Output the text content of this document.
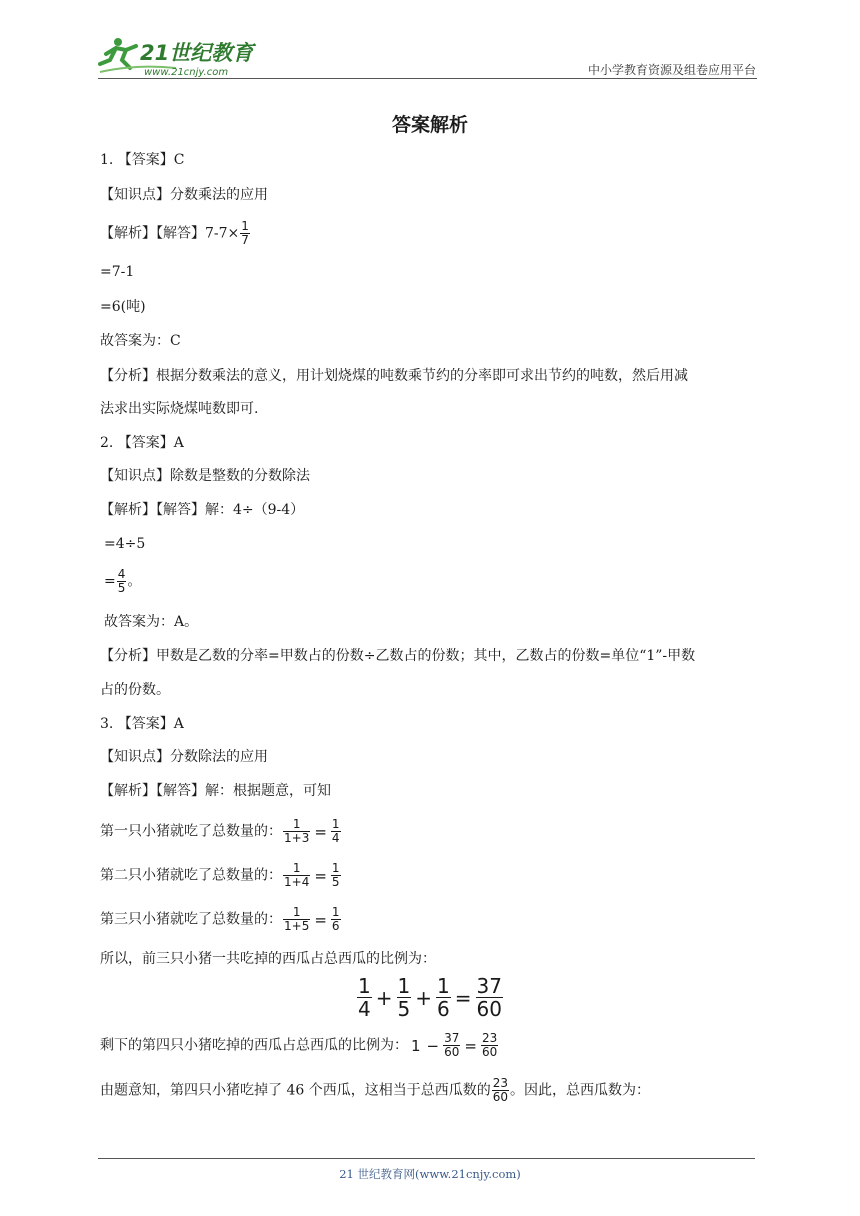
21世纪教育
www.21cnjy.com	中小学教育资源及组卷应用平台
答案解析
1. 【答案】C
【知识点】分数乘法的应用
【解析】【解答】$7-7\times \frac{1}{7}$
=7-1
=6(吨)
故答案为：C
【分析】根据分数乘法的意义，用计划烧煤的吨数乘节约的分率即可求出节约的吨数，然后用减
法求出实际烧煤吨数即可.
2. 【答案】A
【知识点】除数是整数的分数除法
【解析】【解答】解：4÷（9-4）
=4÷5
= $\frac{4}{5}$ 。
故答案为：A。
【分析】甲数是乙数的分率=甲数占的份数÷乙数占的份数；其中，乙数占的份数=单位“1”-甲数
占的份数。
3. 【答案】A
【知识点】分数除法的应用
【解析】【解答】解：根据题意，可知
第一只小猪就吃了总数量的： $\frac{1}{1+3} = \frac{1}{4}$
第二只小猪就吃了总数量的： $\frac{1}{1+4} = \frac{1}{5}$
第三只小猪就吃了总数量的： $\frac{1}{1+5} = \frac{1}{6}$
所以，前三只小猪一共吃掉的西瓜占总西瓜的比例为：
$\frac{1}{4} + \frac{1}{5} + \frac{1}{6} = \frac{37}{60}$
剩下的第四只小猪吃掉的西瓜占总西瓜的比例为： $1 - \frac{37}{60} = \frac{23}{60}$
由题意知，第四只小猪吃掉了 46 个西瓜，这相当于总西瓜数的 $\frac{23}{60}$ 。因此，总西瓜数为：
21 世纪教育网(www.21cnjy.com)
